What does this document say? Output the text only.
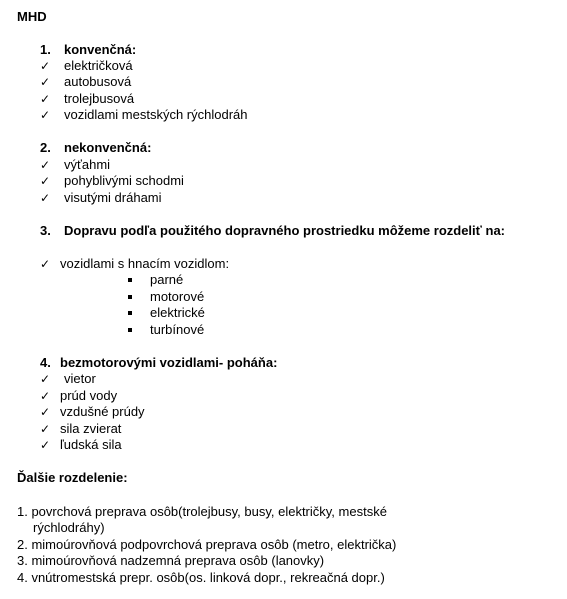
MHD
1. konvenčná:
✓ električková
✓ autobusová
✓ trolejbusová
✓ vozidlami mestských rýchlodráh
2. nekonvenčná:
✓ výťahmi
✓ pohyblivými schodmi
✓ visutými dráhami
3. Dopravu podľa použitého dopravného prostriedku môžeme rozdeliť na:
✓ vozidlami s hnacím vozidlom:
parné
motorové
elektrické
turbínové
4. bezmotorovými vozidlami- poháňa:
✓ vietor
✓ prúd vody
✓ vzdušné prúdy
✓ sila zvierat
✓ ľudská sila
Ďalšie rozdelenie:
1. povrchová preprava osôb(trolejbusy, busy, električky, mestské
rýchlodráhy)
2. mimoúrovňová podpovrchová preprava osôb (metro, električka)
3. mimoúrovňová nadzemná preprava osôb (lanovky)
4. vnútromestská prepr. osôb(os. linková dopr., rekreačná dopr.)
